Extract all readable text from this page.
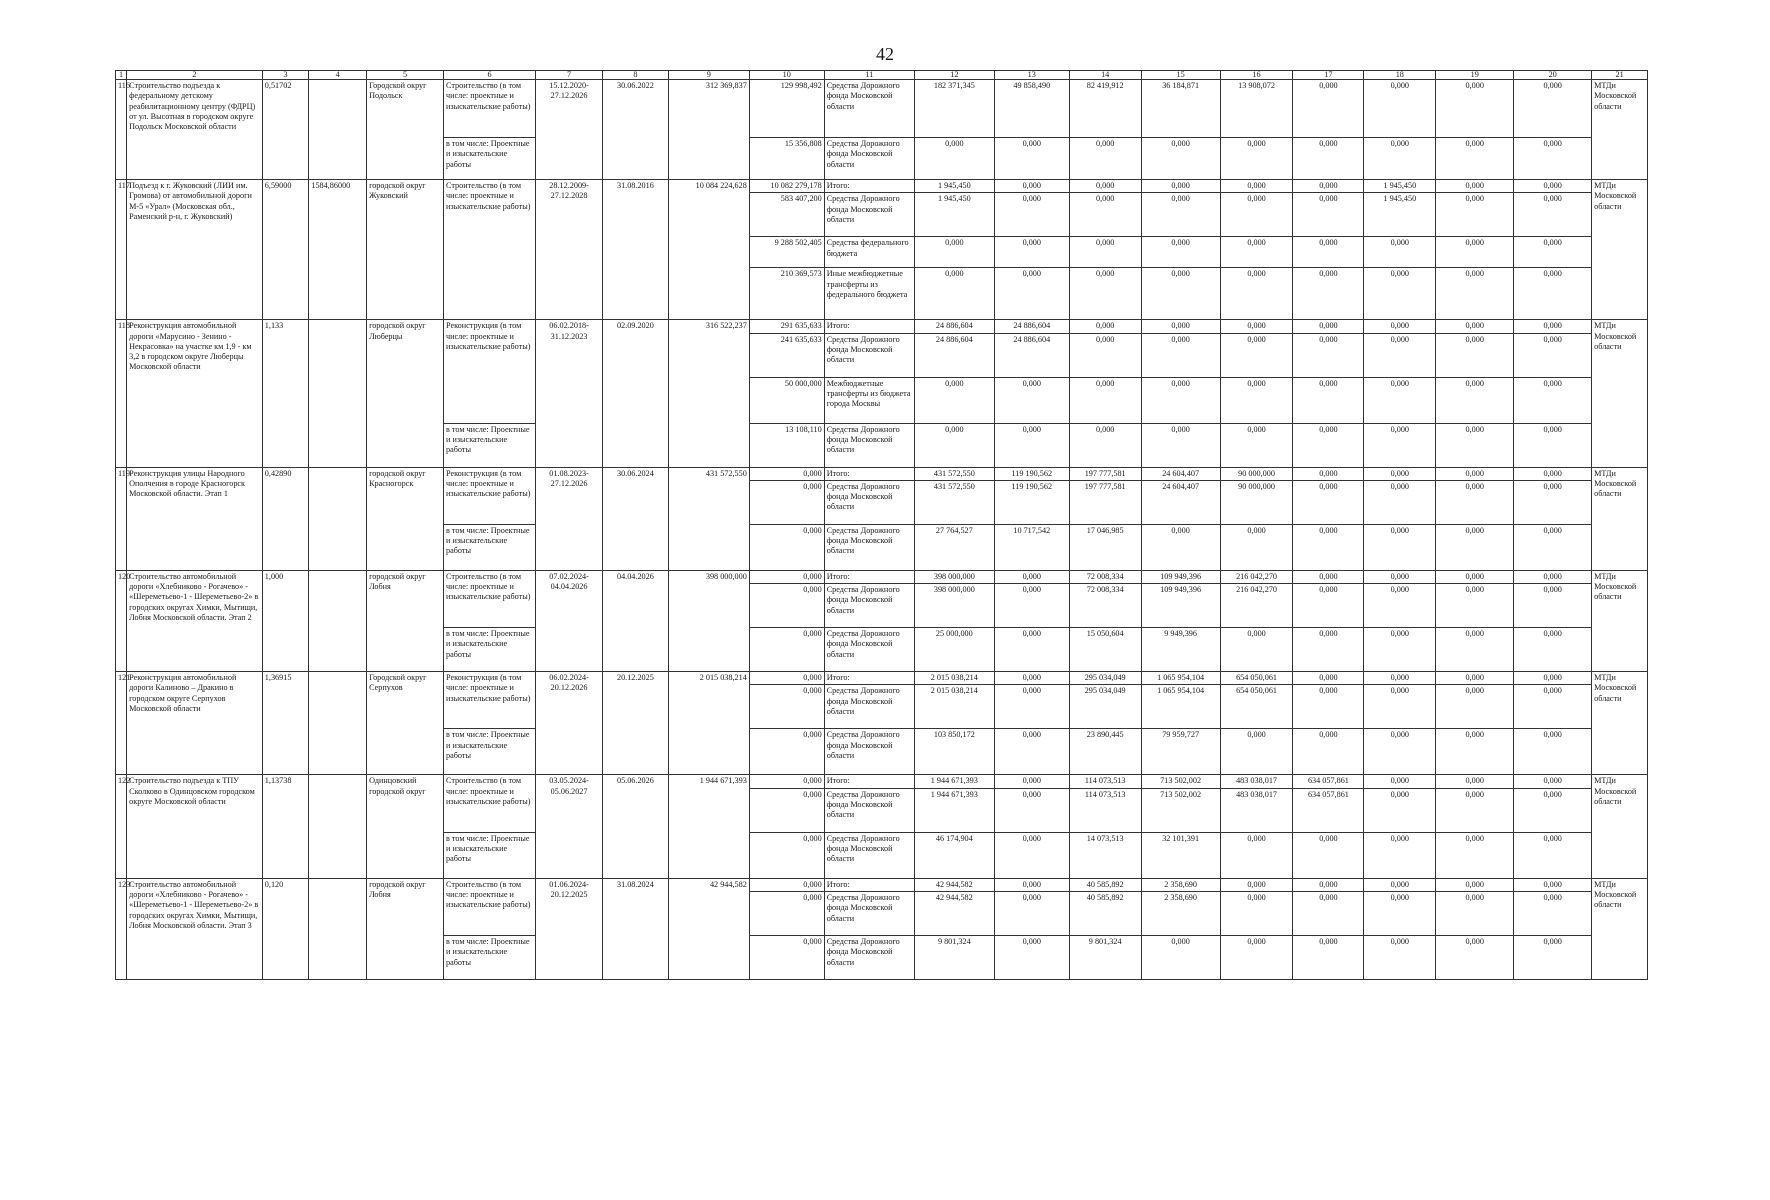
42
1	2	3	4	5	6	7	8	9	10	11	12	13	14	15	16	17	18	19	20	21
116	Строительство подъезда к федеральному детскому реабилитационному центру (ФДРЦ) от ул. Высотная в городском округе Подольск Московской области	0,51702		Городской округ Подольск	Строительство (в том числе: проектные и изыскательские работы)	15.12.2020-27.12.2026	30.06.2022	312 369,837	129 998,492	Средства Дорожного фонда Московской области	182 371,345	49 858,490	82 419,912	36 184,871	13 908,072	0,000	0,000	0,000	0,000	МТДи Московской области
					в том числе: Проектные и изыскательские работы				15 356,808	Средства Дорожного фонда Московской области	0,000	0,000	0,000	0,000	0,000	0,000	0,000	0,000	0,000	
117	Подъезд к г. Жуковский (ЛИИ им. Громова) от автомобильной дороги М-5 «Урал» (Московская обл., Раменский р-н, г. Жуковский)	6,59000	1584,86000	городской округ Жуковский	Строительство (в том числе: проектные и изыскательские работы)	28.12.2009-27.12.2028	31.08.2016	10 084 224,628	10 082 279,178	Итого:	1 945,450	0,000	0,000	0,000	0,000	0,000	1 945,450	0,000	0,000	МТДи Московской области
									583 407,200	Средства Дорожного фонда Московской области	1 945,450	0,000	0,000	0,000	0,000	0,000	1 945,450	0,000	0,000	
									9 288 502,405	Средства федерального бюджета	0,000	0,000	0,000	0,000	0,000	0,000	0,000	0,000	0,000	
									210 369,573	Иные межбюджетные трансферты из федерального бюджета	0,000	0,000	0,000	0,000	0,000	0,000	0,000	0,000	0,000	
118	Реконструкция автомобильной дороги «Марусино - Зенино - Некрасовка» на участке км 1,9 - км 3,2 в городском округе Люберцы Московской области	1,133		городской округ Люберцы	Реконструкция (в том числе: проектные и изыскательские работы)	06.02.2018-31.12.2023	02.09.2020	316 522,237	291 635,633	Итого:	24 886,604	24 886,604	0,000	0,000	0,000	0,000	0,000	0,000	0,000	МТДи Московской области
									241 635,633	Средства Дорожного фонда Московской области	24 886,604	24 886,604	0,000	0,000	0,000	0,000	0,000	0,000	0,000	
									50 000,000	Межбюджетные трансферты из бюджета города Москвы	0,000	0,000	0,000	0,000	0,000	0,000	0,000	0,000	0,000	
					в том числе: Проектные и изыскательские работы				13 108,110	Средства Дорожного фонда Московской области	0,000	0,000	0,000	0,000	0,000	0,000	0,000	0,000	0,000	
119	Реконструкция улицы Народного Ополчения в городе Красногорск Московской области. Этап 1	0,42890		городской округ Красногорск	Реконструкция (в том числе: проектные и изыскательские работы)	01.08.2023-27.12.2026	30.06.2024	431 572,550	0,000	Итого:	431 572,550	119 190,562	197 777,581	24 604,407	90 000,000	0,000	0,000	0,000	0,000	МТДи Московской области
									0,000	Средства Дорожного фонда Московской области	431 572,550	119 190,562	197 777,581	24 604,407	90 000,000	0,000	0,000	0,000	0,000	
					в том числе: Проектные и изыскательские работы				0,000	Средства Дорожного фонда Московской области	27 764,527	10 717,542	17 046,985	0,000	0,000	0,000	0,000	0,000	0,000	
120	Строительство автомобильной дороги «Хлебниково - Рогачево» - «Шереметьево-1 - Шереметьево-2» в городских округах Химки, Мытищи, Лобня Московской области. Этап 2	1,000		городской округ Лобня	Строительство (в том числе: проектные и изыскательские работы)	07.02.2024-04.04.2026	04.04.2026	398 000,000	0,000	Итого:	398 000,000	0,000	72 008,334	109 949,396	216 042,270	0,000	0,000	0,000	0,000	МТДи Московской области
									0,000	Средства Дорожного фонда Московской области	398 000,000	0,000	72 008,334	109 949,396	216 042,270	0,000	0,000	0,000	0,000	
					в том числе: Проектные и изыскательские работы				0,000	Средства Дорожного фонда Московской области	25 000,000	0,000	15 050,604	9 949,396	0,000	0,000	0,000	0,000	0,000	
121	Реконструкция автомобильной дороги Калиново – Дракино в городском округе Серпухов Московской области	1,36915		Городской округ Серпухов	Реконструкция (в том числе: проектные и изыскательские работы)	06.02.2024-20.12.2026	20.12.2025	2 015 038,214	0,000	Итого:	2 015 038,214	0,000	295 034,049	1 065 954,104	654 050,061	0,000	0,000	0,000	0,000	МТДи Московской области
									0,000	Средства Дорожного фонда Московской области	2 015 038,214	0,000	295 034,049	1 065 954,104	654 050,061	0,000	0,000	0,000	0,000	
					в том числе: Проектные и изыскательские работы				0,000	Средства Дорожного фонда Московской области	103 850,172	0,000	23 890,445	79 959,727	0,000	0,000	0,000	0,000	0,000	
122	Строительство подъезда к ТПУ Сколково в Одинцовском городском округе Московской области	1,13738		Одинцовский городской округ	Строительство (в том числе: проектные и изыскательские работы)	03.05.2024-05.06.2027	05.06.2026	1 944 671,393	0,000	Итого:	1 944 671,393	0,000	114 073,513	713 502,002	483 038,017	634 057,861	0,000	0,000	0,000	МТДи Московской области
									0,000	Средства Дорожного фонда Московской области	1 944 671,393	0,000	114 073,513	713 502,002	483 038,017	634 057,861	0,000	0,000	0,000	
					в том числе: Проектные и изыскательские работы				0,000	Средства Дорожного фонда Московской области	46 174,904	0,000	14 073,513	32 101,391	0,000	0,000	0,000	0,000	0,000	
123	Строительство автомобильной дороги «Хлебниково - Рогачево» - «Шереметьево-1 - Шереметьево-2» в городских округах Химки, Мытищи, Лобня Московской области. Этап 3	0,120		городской округ Лобня	Строительство (в том числе: проектные и изыскательские работы)	01.06.2024-20.12.2025	31.08.2024	42 944,582	0,000	Итого:	42 944,582	0,000	40 585,892	2 358,690	0,000	0,000	0,000	0,000	0,000	МТДи Московской области
									0,000	Средства Дорожного фонда Московской области	42 944,582	0,000	40 585,892	2 358,690	0,000	0,000	0,000	0,000	0,000	
					в том числе: Проектные и изыскательские работы				0,000	Средства Дорожного фонда Московской области	9 801,324	0,000	9 801,324	0,000	0,000	0,000	0,000	0,000	0,000	
